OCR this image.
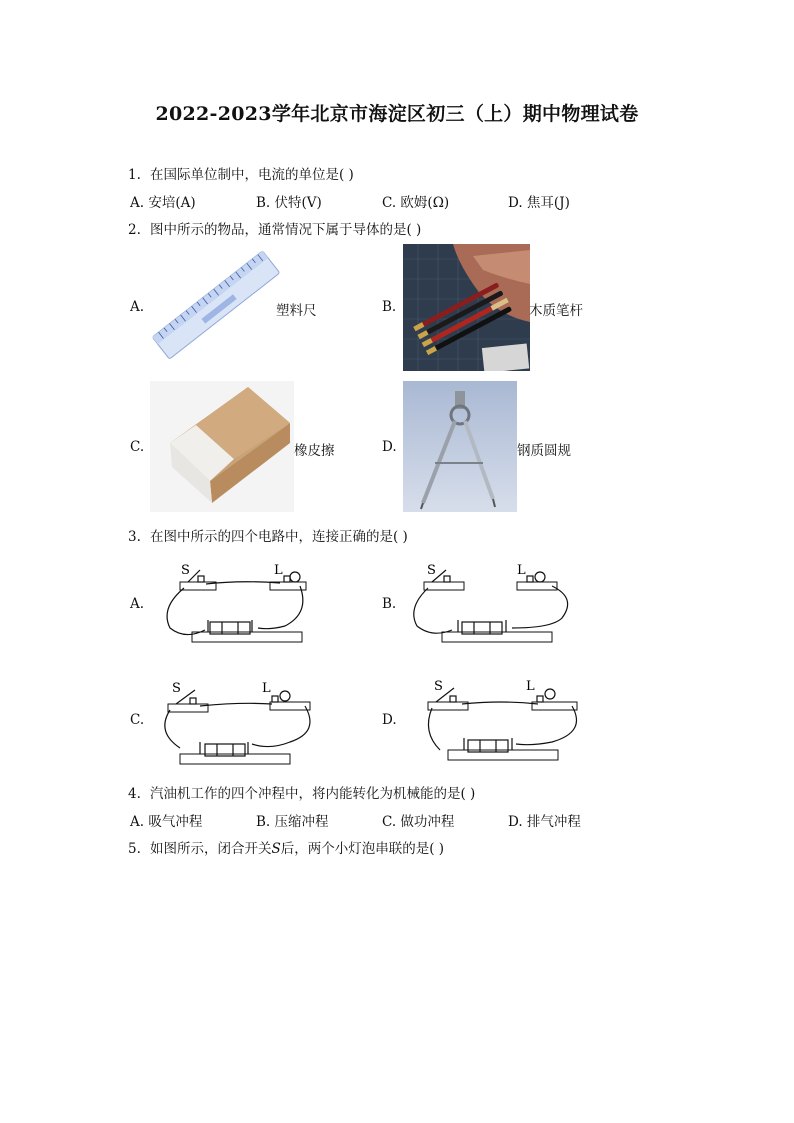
2022-2023学年北京市海淀区初三（上）期中物理试卷
1. 在国际单位制中，电流的单位是( )
A. 安培(A)	B. 伏特(V)	C. 欧姆(Ω)	D. 焦耳(J)
2. 图中所示的物品，通常情况下属于导体的是( )
A.	塑料尺	B.	木质笔杆
C.	橡皮擦	D.	钢质圆规
3. 在图中所示的四个电路中，连接正确的是( )
A.
S	L
B.
S	L
C.
S	L
D.
S	L
4. 汽油机工作的四个冲程中，将内能转化为机械能的是( )
A. 吸气冲程	B. 压缩冲程	C. 做功冲程	D. 排气冲程
5. 如图所示，闭合开关S后，两个小灯泡串联的是( )
